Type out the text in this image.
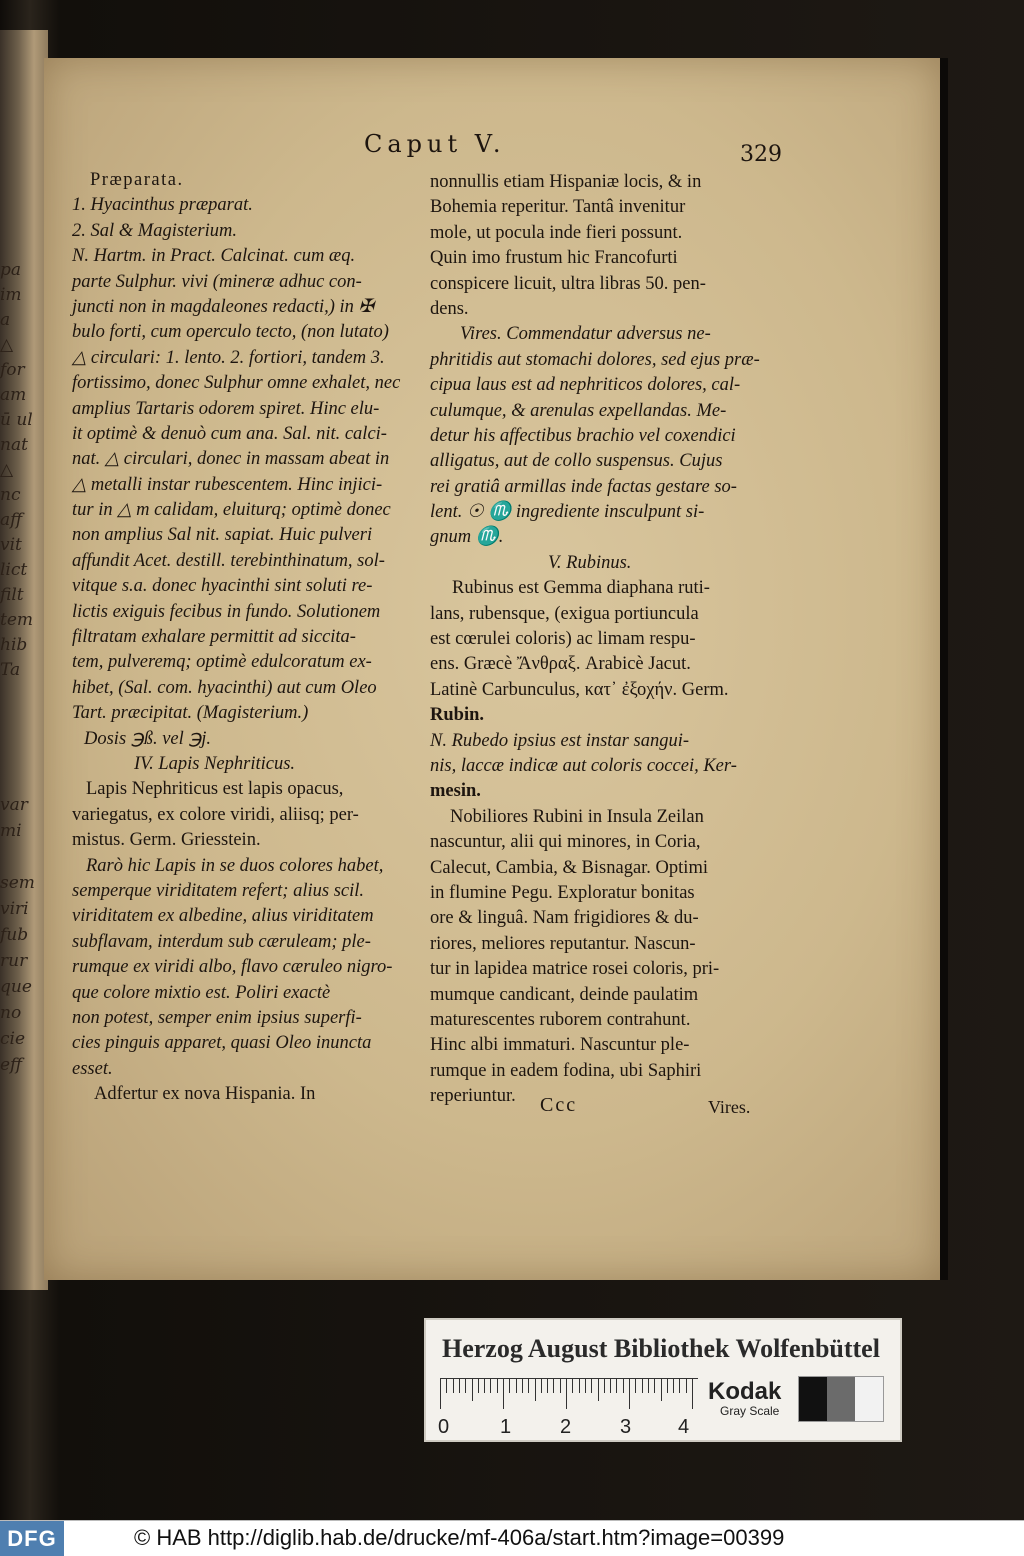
pa
im
a
△
for
am
ū ul
nat
△
nc
aff
vit
lict
filt
tem
hib
Ta
var
mi
sem
viri
fub
rur
que
no
cie
eff
Caput V.	329
Præparata.
1. Hyacinthus præparat.
2. Sal & Magisterium.
N. Hartm. in Pract. Calcinat. cum æq.
parte Sulphur. vivi (mineræ adhuc con-
juncti non in magdaleones redacti,) in ✠
bulo forti, cum operculo tecto, (non lutato)
△ circulari: 1. lento. 2. fortiori, tandem 3.
fortissimo, donec Sulphur omne exhalet, nec
amplius Tartaris odorem spiret. Hinc elu-
it optimè & denuò cum ana. Sal. nit. calci-
nat. △ circulari, donec in massam abeat in
△ metalli instar rubescentem. Hinc injici-
tur in △ m calidam, eluiturq; optimè donec
non amplius Sal nit. sapiat. Huic pulveri
affundit Acet. destill. terebinthinatum, sol-
vitque s.a. donec hyacinthi sint soluti re-
lictis exiguis fecibus in fundo. Solutionem
filtratam exhalare permittit ad siccita-
tem, pulveremq; optimè edulcoratum ex-
hibet, (Sal. com. hyacinthi) aut cum Oleo
Tart. præcipitat. (Magisterium.)
Dosis ℈ß. vel ℈j.
IV. Lapis Nephriticus.
Lapis Nephriticus est lapis opacus,
variegatus, ex colore viridi, aliisq; per-
mistus. Germ. Griesstein.
Rarò hic Lapis in se duos colores habet,
semperque viriditatem refert; alius scil.
viriditatem ex albedine, alius viriditatem
subflavam, interdum sub cæruleam; ple-
rumque ex viridi albo, flavo cæruleo nigro-
que colore mixtio est. Poliri exactè
non potest, semper enim ipsius superfi-
cies pinguis apparet, quasi Oleo inuncta
esset.
Adfertur ex nova Hispania. In
nonnullis etiam Hispaniæ locis, & in
Bohemia reperitur. Tantâ invenitur
mole, ut pocula inde fieri possunt.
Quin imo frustum hic Francofurti
conspicere licuit, ultra libras 50. pen-
dens.
Vires. Commendatur adversus ne-
phritidis aut stomachi dolores, sed ejus præ-
cipua laus est ad nephriticos dolores, cal-
culumque, & arenulas expellandas. Me-
detur his affectibus brachio vel coxendici
alligatus, aut de collo suspensus. Cujus
rei gratiâ armillas inde factas gestare so-
lent. ☉ ♏ ingrediente insculpunt si-
gnum ♏.
V. Rubinus.
Rubinus est Gemma diaphana ruti-
lans, rubensque, (exigua portiuncula
est cœrulei coloris) ac limam respu-
ens. Græcè Ἄνθραξ. Arabicè Jacut.
Latinè Carbunculus, κατ᾽ ἐξοχήν. Germ.
Rubin.
N. Rubedo ipsius est instar sangui-
nis, laccæ indicæ aut coloris coccei, Ker-
mesin.
Nobiliores Rubini in Insula Zeilan
nascuntur, alii qui minores, in Coria,
Calecut, Cambia, & Bisnagar. Optimi
in flumine Pegu. Exploratur bonitas
ore & linguâ. Nam frigidiores & du-
riores, meliores reputantur. Nascun-
tur in lapidea matrice rosei coloris, pri-
mumque candicant, deinde paulatim
maturescentes ruborem contrahunt.
Hinc albi immaturi. Nascuntur ple-
rumque in eadem fodina, ubi Saphiri
reperiuntur.	Ccc	Vires.
Herzog August Bibliothek Wolfenbüttel
0	1 2 3 4
Kodak
Gray Scale
DFG	© HAB http://diglib.hab.de/drucke/mf-406a/start.htm?image=00399
